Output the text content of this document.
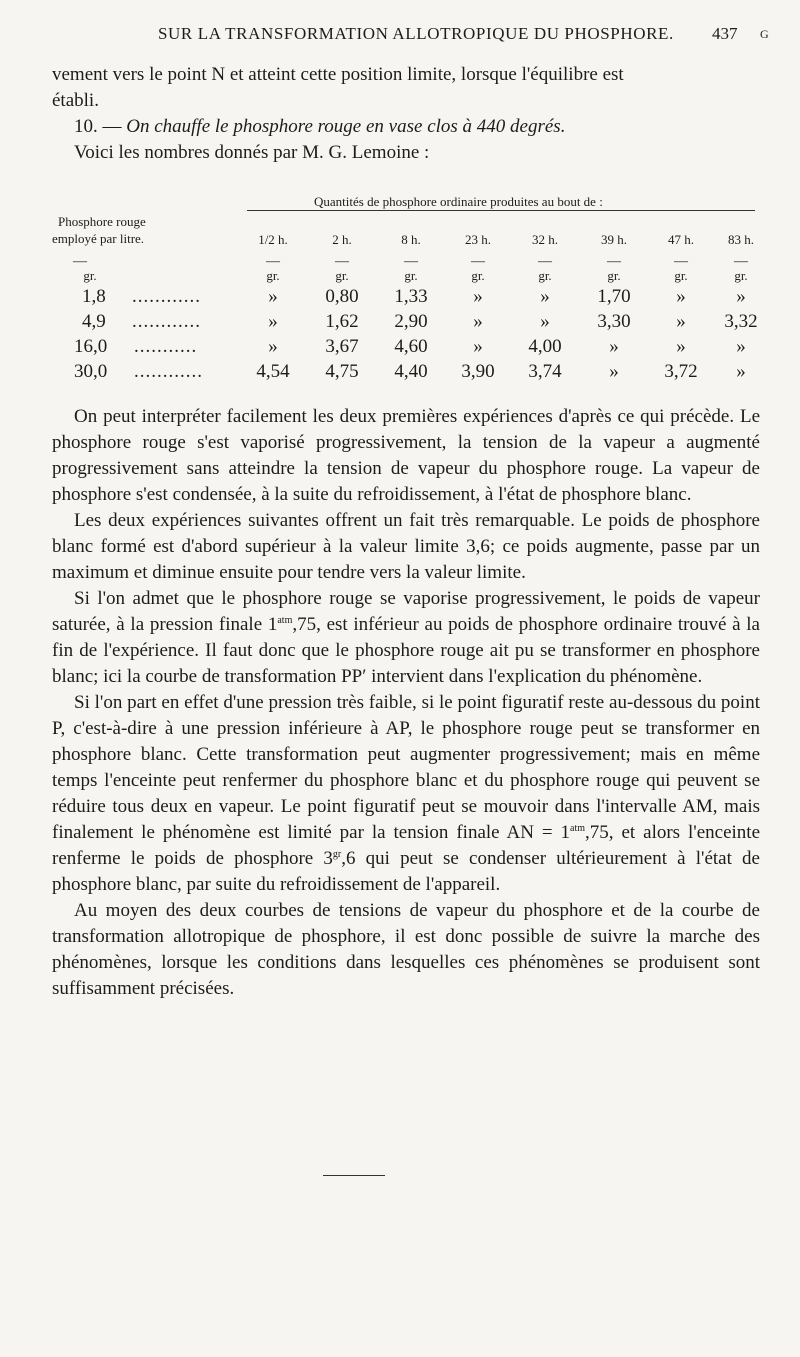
SUR LA TRANSFORMATION ALLOTROPIQUE DU PHOSPHORE. 437 G

vement vers le point N et atteint cette position limite, lorsque l'équilibre est

établi.

10. — On chauffe le phosphore rouge en vase clos à 440 degrés.

Voici les nombres donnés par M. G. Lemoine :

Quantités de phosphore ordinaire produites au bout de :
Phosphore rouge
employé par litre.	1/2 h.	2 h.	8 h.	23 h.	32 h.	39 h.	47 h.	83 h.
—	—	—	—	—	—	—	—	—
gr.	gr.	gr.	gr.	gr.	gr.	gr.	gr.	gr.
1,8 ............	»	0,80	1,33	»	»	1,70	»	»
4,9 ............	»	1,62	2,90	»	»	3,30	»	3,32
16,0 ...........	»	3,67	4,60	»	4,00	»	»	»
30,0 ............	4,54	4,75	4,40	3,90	3,74	»	3,72	»

On peut interpréter facilement les deux premières expériences d'après ce qui précède. Le phosphore rouge s'est vaporisé progressivement, la tension de la vapeur a augmenté progressivement sans atteindre la tension de vapeur du phosphore rouge. La vapeur de phosphore s'est condensée, à la suite du refroidissement, à l'état de phosphore blanc.

Les deux expériences suivantes offrent un fait très remarquable. Le poids de phosphore blanc formé est d'abord supérieur à la valeur limite 3,6; ce poids augmente, passe par un maximum et diminue ensuite pour tendre vers la valeur limite.

Si l'on admet que le phosphore rouge se vaporise progressivement, le poids de vapeur saturée, à la pression finale $1^{atm},75$, est inférieur au poids de phosphore ordinaire trouvé à la fin de l'expérience. Il faut donc que le phosphore rouge ait pu se transformer en phosphore blanc; ici la courbe de transformation PP′ intervient dans l'explication du phénomène.

Si l'on part en effet d'une pression très faible, si le point figuratif reste au-dessous du point P, c'est-à-dire à une pression inférieure à AP, le phosphore rouge peut se transformer en phosphore blanc. Cette transformation peut augmenter progressivement; mais en même temps l'enceinte peut renfermer du phosphore blanc et du phosphore rouge qui peuvent se réduire tous deux en vapeur. Le point figuratif peut se mouvoir dans l'intervalle AM, mais finalement le phénomène est limité par la tension finale AN = $1^{atm},75$, et alors l'enceinte renferme le poids de phosphore $3^{gr},6$ qui peut se condenser ultérieurement à l'état de phosphore blanc, par suite du refroidissement de l'appareil.

Au moyen des deux courbes de tensions de vapeur du phosphore et de la courbe de transformation allotropique de phosphore, il est donc possible de suivre la marche des phénomènes, lorsque les conditions dans lesquelles ces phénomènes se produisent sont suffisamment précisées.
